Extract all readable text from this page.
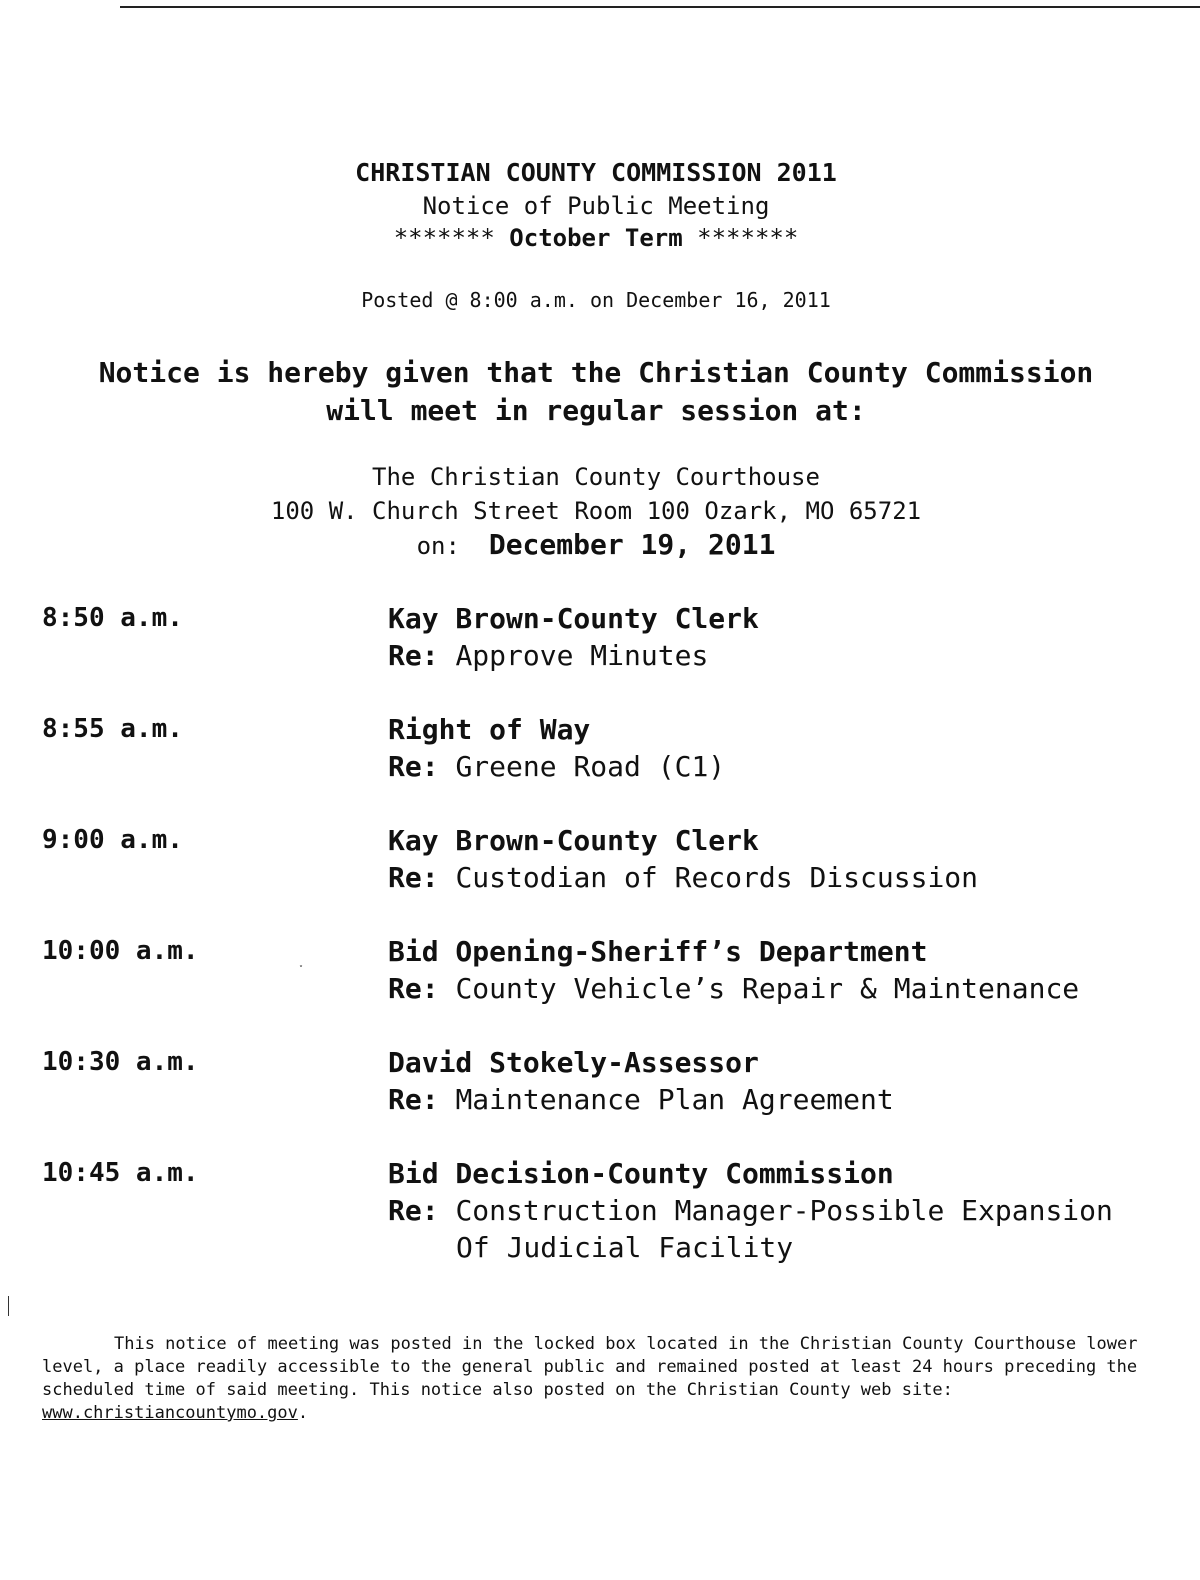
˯
CHRISTIAN COUNTY COMMISSION 2011
Notice of Public Meeting
******* October Term *******
Posted @ 8:00 a.m. on December 16, 2011
Notice is hereby given that the Christian County Commission
will meet in regular session at:
The Christian County Courthouse
100 W. Church Street Room 100 Ozark, MO 65721
on: December 19, 2011
8:50 a.m.	Kay Brown-County Clerk
Re: Approve Minutes
8:55 a.m.	Right of Way
Re: Greene Road (C1)
9:00 a.m.	Kay Brown-County Clerk
Re: Custodian of Records Discussion
10:00 a.m.	Bid Opening-Sheriff’s Department
Re: County Vehicle’s Repair & Maintenance
10:30 a.m.	David Stokely-Assessor
Re: Maintenance Plan Agreement
10:45 a.m.	Bid Decision-County Commission
Re: Construction Manager-Possible Expansion
Of Judicial Facility
This notice of meeting was posted in the locked box located in the Christian County Courthouse lower level, a place readily accessible to the general public and remained posted at least 24 hours preceding the scheduled time of said meeting. This notice also posted on the Christian County web site: www.christiancountymo.gov.
